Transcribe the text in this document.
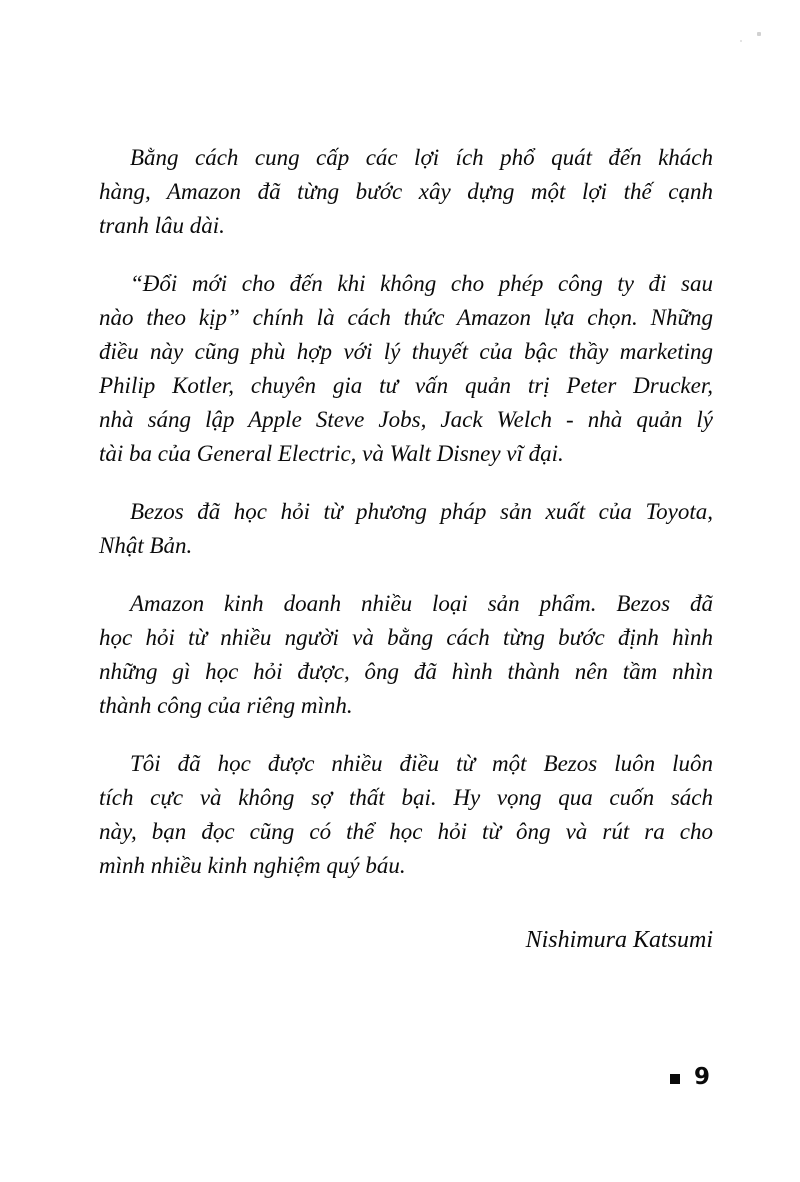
Bằng cách cung cấp các lợi ích phổ quát đến khách
hàng, Amazon đã từng bước xây dựng một lợi thế cạnh
tranh lâu dài.
“Đổi mới cho đến khi không cho phép công ty đi sau
nào theo kịp” chính là cách thức Amazon lựa chọn. Những
điều này cũng phù hợp với lý thuyết của bậc thầy marketing
Philip Kotler, chuyên gia tư vấn quản trị Peter Drucker,
nhà sáng lập Apple Steve Jobs, Jack Welch - nhà quản lý
tài ba của General Electric, và Walt Disney vĩ đại.
Bezos đã học hỏi từ phương pháp sản xuất của Toyota,
Nhật Bản.
Amazon kinh doanh nhiều loại sản phẩm. Bezos đã
học hỏi từ nhiều người và bằng cách từng bước định hình
những gì học hỏi được, ông đã hình thành nên tầm nhìn
thành công của riêng mình.
Tôi đã học được nhiều điều từ một Bezos luôn luôn
tích cực và không sợ thất bại. Hy vọng qua cuốn sách
này, bạn đọc cũng có thể học hỏi từ ông và rút ra cho
mình nhiều kinh nghiệm quý báu.
Nishimura Katsumi
9
